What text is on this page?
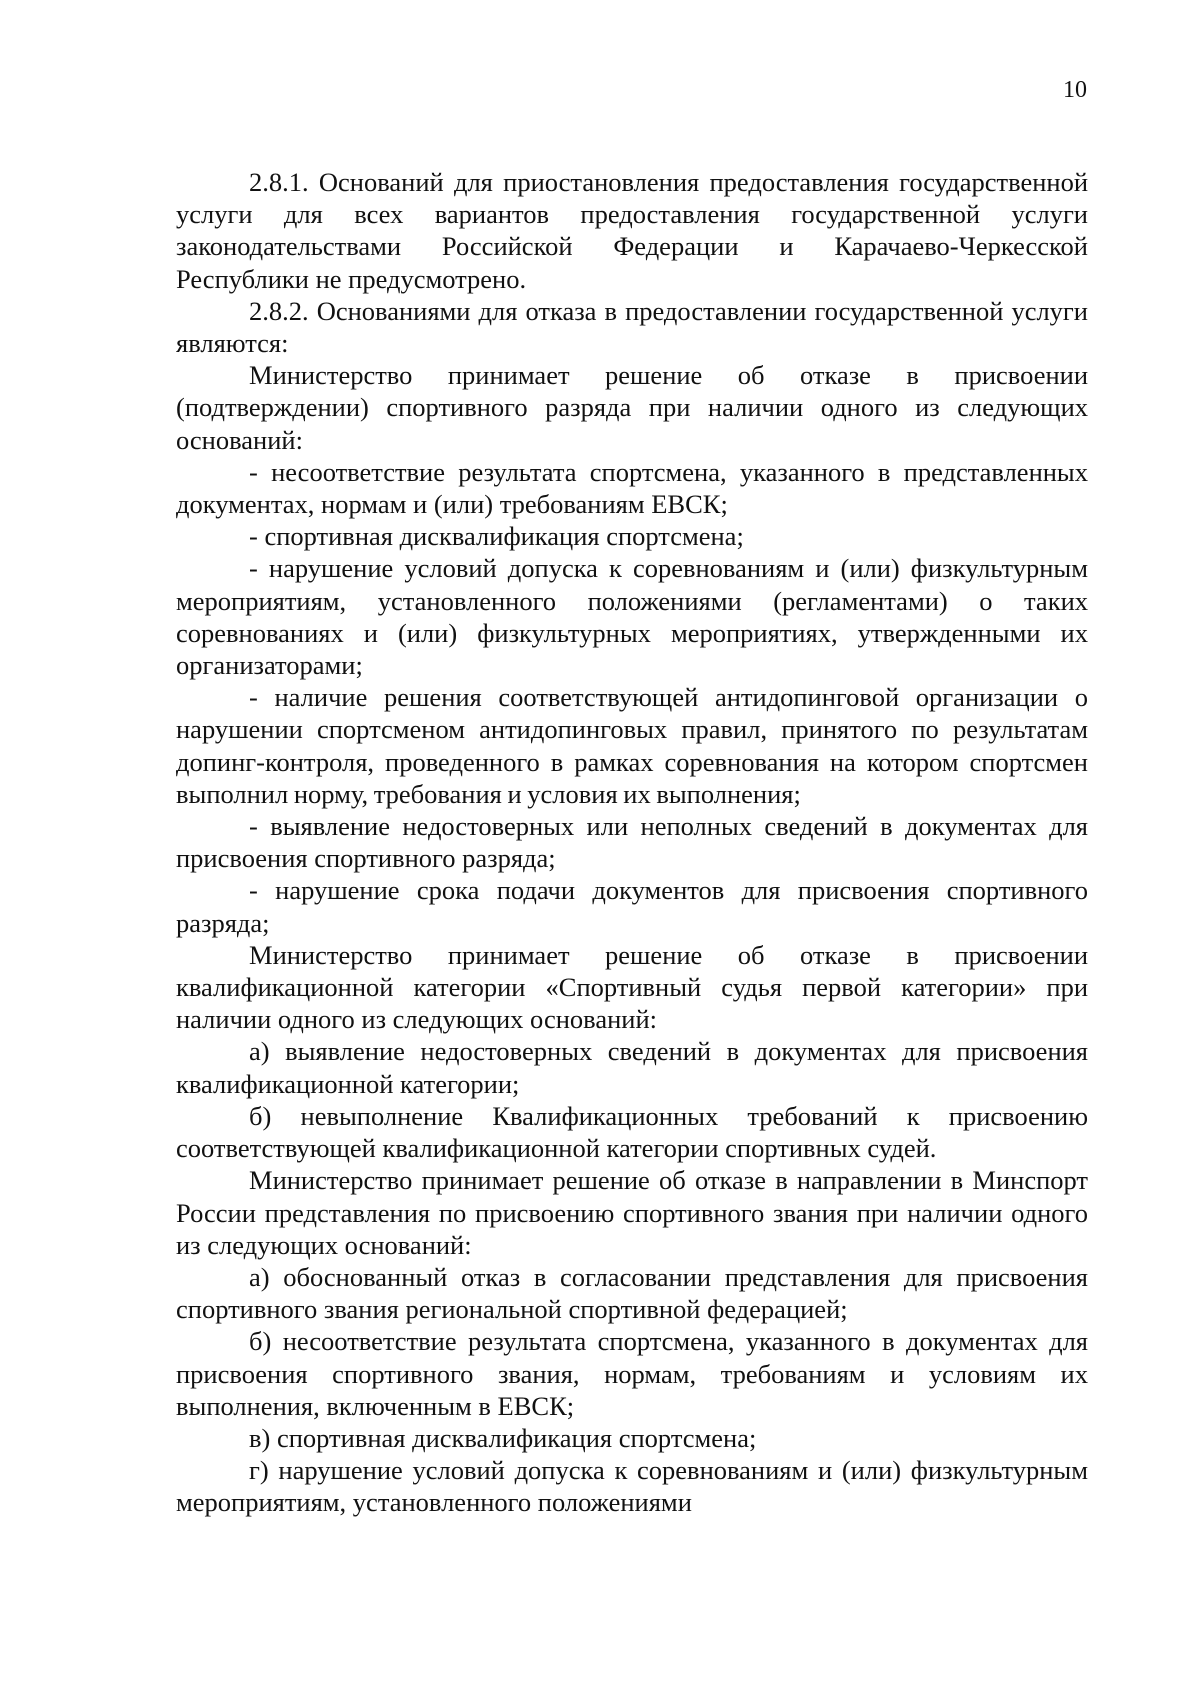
10

2.8.1. Оснований для приостановления предоставления государственной услуги для всех вариантов предоставления государственной услуги законодательствами Российской Федерации и Карачаево-Черкесской Республики не предусмотрено.

2.8.2. Основаниями для отказа в предоставлении государственной услуги являются:

Министерство принимает решение об отказе в присвоении (подтверждении) спортивного разряда при наличии одного из следующих оснований:

- несоответствие результата спортсмена, указанного в представленных документах, нормам и (или) требованиям ЕВСК;

- спортивная дисквалификация спортсмена;

- нарушение условий допуска к соревнованиям и (или) физкультурным мероприятиям, установленного положениями (регламентами) о таких соревнованиях и (или) физкультурных мероприятиях, утвержденными их организаторами;

- наличие решения соответствующей антидопинговой организации о нарушении спортсменом антидопинговых правил, принятого по результатам допинг-контроля, проведенного в рамках соревнования на котором спортсмен выполнил норму, требования и условия их выполнения;

- выявление недостоверных или неполных сведений в документах для присвоения спортивного разряда;

- нарушение срока подачи документов для присвоения спортивного разряда;

Министерство принимает решение об отказе в присвоении квалификационной категории «Спортивный судья первой категории» при наличии одного из следующих оснований:

а) выявление недостоверных сведений в документах для присвоения квалификационной категории;

б) невыполнение Квалификационных требований к присвоению соответствующей квалификационной категории спортивных судей.

Министерство принимает решение об отказе в направлении в Минспорт России представления по присвоению спортивного звания при наличии одного из следующих оснований:

а) обоснованный отказ в согласовании представления для присвоения спортивного звания региональной спортивной федерацией;

б) несоответствие результата спортсмена, указанного в документах для присвоения спортивного звания, нормам, требованиям и условиям их выполнения, включенным в ЕВСК;

в) спортивная дисквалификация спортсмена;

г) нарушение условий допуска к соревнованиям и (или) физкультурным мероприятиям, установленного положениями
